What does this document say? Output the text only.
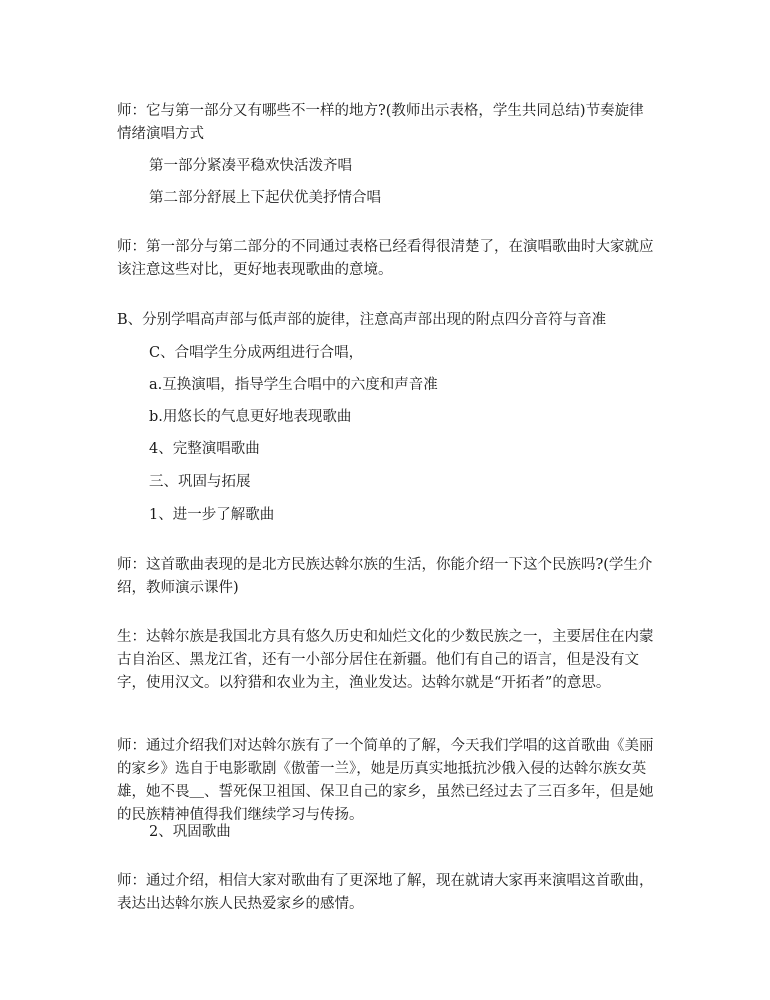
师：它与第一部分又有哪些不一样的地方?(教师出示表格，学生共同总结)节奏旋律情绪演唱方式

第一部分紧凑平稳欢快活泼齐唱

第二部分舒展上下起伏优美抒情合唱

师：第一部分与第二部分的不同通过表格已经看得很清楚了，在演唱歌曲时大家就应该注意这些对比，更好地表现歌曲的意境。

B、分别学唱高声部与低声部的旋律，注意高声部出现的附点四分音符与音准

C、合唱学生分成两组进行合唱，

a.互换演唱，指导学生合唱中的六度和声音准

b.用悠长的气息更好地表现歌曲

4、完整演唱歌曲

三、巩固与拓展

1、进一步了解歌曲

师：这首歌曲表现的是北方民族达斡尔族的生活，你能介绍一下这个民族吗?(学生介绍，教师演示课件)

生：达斡尔族是我国北方具有悠久历史和灿烂文化的少数民族之一，主要居住在内蒙古自治区、黑龙江省，还有一小部分居住在新疆。他们有自己的语言，但是没有文字，使用汉文。以狩猎和农业为主，渔业发达。达斡尔就是“开拓者”的意思。

师：通过介绍我们对达斡尔族有了一个简单的了解，今天我们学唱的这首歌曲《美丽的家乡》选自于电影歌剧《傲蕾一兰》，她是历真实地抵抗沙俄入侵的达斡尔族女英雄，她不畏＿、誓死保卫祖国、保卫自己的家乡，虽然已经过去了三百多年，但是她的民族精神值得我们继续学习与传扬。

2、巩固歌曲

师：通过介绍，相信大家对歌曲有了更深地了解，现在就请大家再来演唱这首歌曲，表达出达斡尔族人民热爱家乡的感情。
